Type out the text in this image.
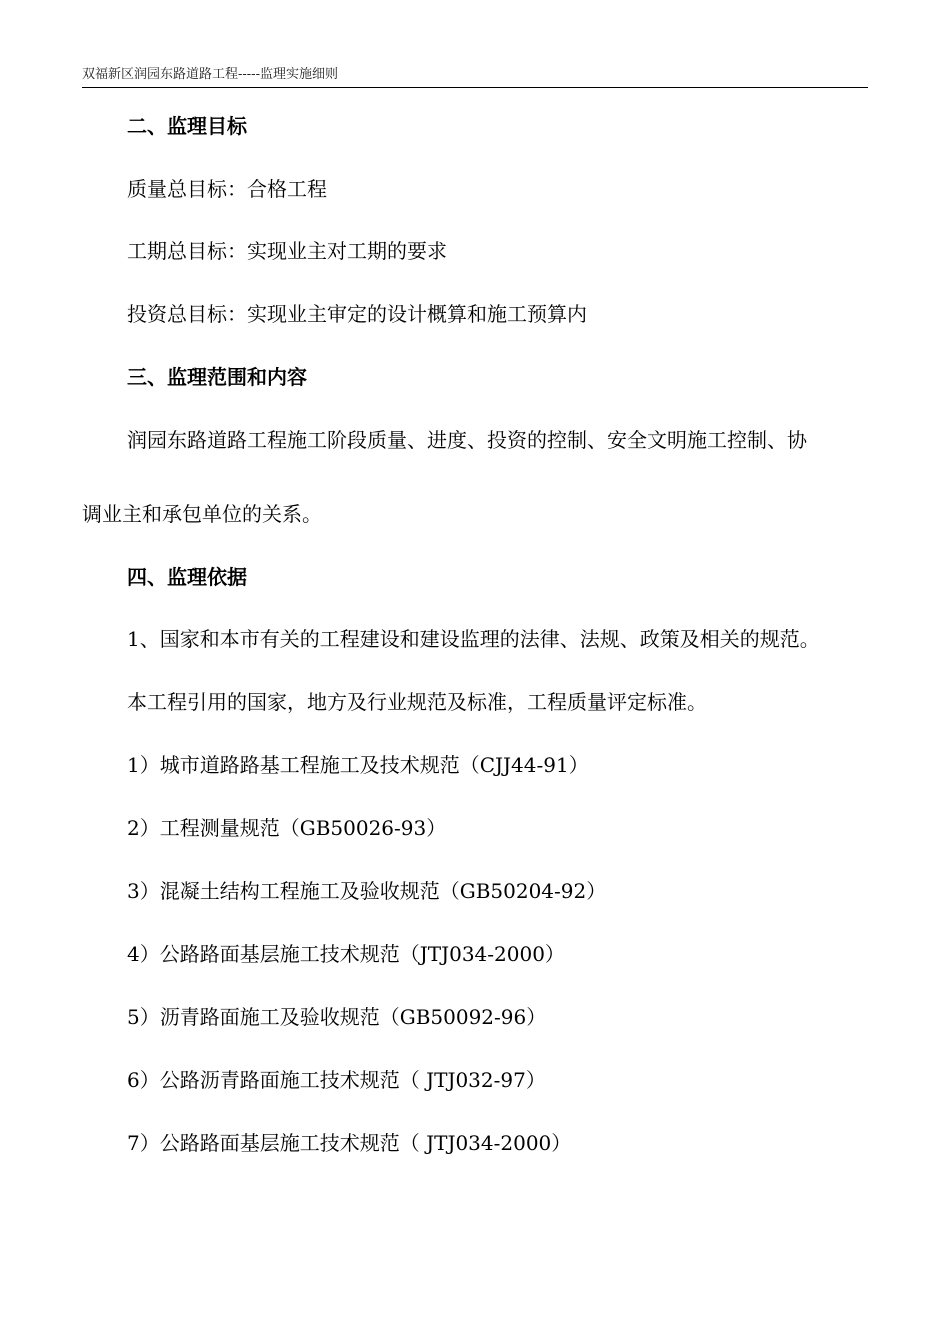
双福新区润园东路道路工程-----监理实施细则
二、监理目标
质量总目标：合格工程
工期总目标：实现业主对工期的要求
投资总目标：实现业主审定的设计概算和施工预算内
三、监理范围和内容
润园东路道路工程施工阶段质量、进度、投资的控制、安全文明施工控制、协
调业主和承包单位的关系。
四、监理依据
1、国家和本市有关的工程建设和建设监理的法律、法规、政策及相关的规范。
本工程引用的国家，地方及行业规范及标准，工程质量评定标准。
1）城市道路路基工程施工及技术规范（CJJ44-91）
2）工程测量规范（GB50026-93）
3）混凝土结构工程施工及验收规范（GB50204-92）
4）公路路面基层施工技术规范（JTJ034-2000）
5）沥青路面施工及验收规范（GB50092-96）
6）公路沥青路面施工技术规范（ JTJ032-97）
7）公路路面基层施工技术规范（ JTJ034-2000）
